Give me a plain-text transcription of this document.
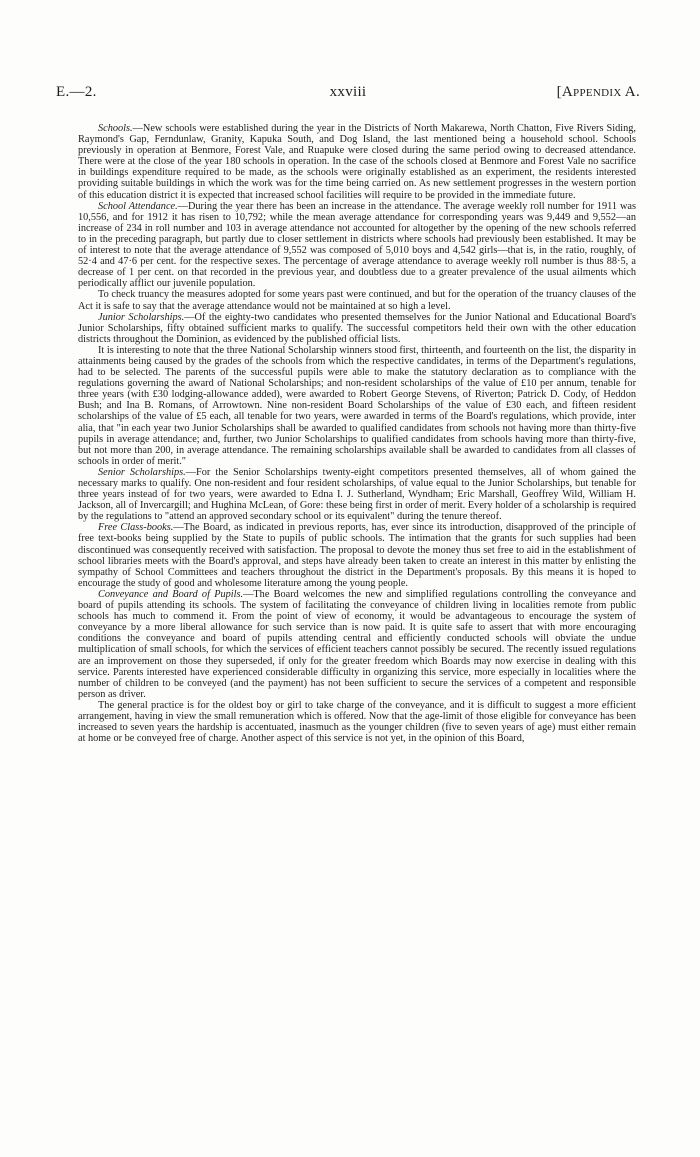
E.—2.	xxviii	[Appendix A.

Schools.—New schools were established during the year in the Districts of North Makarewa, North Chatton, Five Rivers Siding, Raymond's Gap, Ferndunlaw, Granity, Kapuka South, and Dog Island, the last mentioned being a household school. Schools previously in operation at Benmore, Forest Vale, and Ruapuke were closed during the same period owing to decreased attendance. There were at the close of the year 180 schools in operation. In the case of the schools closed at Benmore and Forest Vale no sacrifice in buildings expenditure required to be made, as the schools were originally established as an experiment, the residents interested providing suitable buildings in which the work was for the time being carried on. As new settlement progresses in the western portion of this education district it is expected that increased school facilities will require to be provided in the immediate future.

School Attendance.—During the year there has been an increase in the attendance. The average weekly roll number for 1911 was 10,556, and for 1912 it has risen to 10,792; while the mean average attendance for corresponding years was 9,449 and 9,552—an increase of 234 in roll number and 103 in average attendance not accounted for altogether by the opening of the new schools referred to in the preceding paragraph, but partly due to closer settlement in districts where schools had previously been established. It may be of interest to note that the average attendance of 9,552 was composed of 5,010 boys and 4,542 girls—that is, in the ratio, roughly, of 52·4 and 47·6 per cent. for the respective sexes. The percentage of average attendance to average weekly roll number is thus 88·5, a decrease of 1 per cent. on that recorded in the previous year, and doubtless due to a greater prevalence of the usual ailments which periodically afflict our juvenile population.

To check truancy the measures adopted for some years past were continued, and but for the operation of the truancy clauses of the Act it is safe to say that the average attendance would not be maintained at so high a level.

Junior Scholarships.—Of the eighty-two candidates who presented themselves for the Junior National and Educational Board's Junior Scholarships, fifty obtained sufficient marks to qualify. The successful competitors held their own with the other education districts throughout the Dominion, as evidenced by the published official lists.

It is interesting to note that the three National Scholarship winners stood first, thirteenth, and fourteenth on the list, the disparity in attainments being caused by the grades of the schools from which the respective candidates, in terms of the Department's regulations, had to be selected. The parents of the successful pupils were able to make the statutory declaration as to compliance with the regulations governing the award of National Scholarships; and non-resident scholarships of the value of £10 per annum, tenable for three years (with £30 lodging-allowance added), were awarded to Robert George Stevens, of Riverton; Patrick D. Cody, of Heddon Bush; and Ina B. Romans, of Arrowtown. Nine non-resident Board Scholarships of the value of £30 each, and fifteen resident scholarships of the value of £5 each, all tenable for two years, were awarded in terms of the Board's regulations, which provide, inter alia, that "in each year two Junior Scholarships shall be awarded to qualified candidates from schools not having more than thirty-five pupils in average attendance; and, further, two Junior Scholarships to qualified candidates from schools having more than thirty-five, but not more than 200, in average attendance. The remaining scholarships available shall be awarded to candidates from all classes of schools in order of merit."

Senior Scholarships.—For the Senior Scholarships twenty-eight competitors presented themselves, all of whom gained the necessary marks to qualify. One non-resident and four resident scholarships, of value equal to the Junior Scholarships, but tenable for three years instead of for two years, were awarded to Edna I. J. Sutherland, Wyndham; Eric Marshall, Geoffrey Wild, William H. Jackson, all of Invercargill; and Hughina McLean, of Gore: these being first in order of merit. Every holder of a scholarship is required by the regulations to "attend an approved secondary school or its equivalent" during the tenure thereof.

Free Class-books.—The Board, as indicated in previous reports, has, ever since its introduction, disapproved of the principle of free text-books being supplied by the State to pupils of public schools. The intimation that the grants for such supplies had been discontinued was consequently received with satisfaction. The proposal to devote the money thus set free to aid in the establishment of school libraries meets with the Board's approval, and steps have already been taken to create an interest in this matter by enlisting the sympathy of School Committees and teachers throughout the district in the Department's proposals. By this means it is hoped to encourage the study of good and wholesome literature among the young people.

Conveyance and Board of Pupils.—The Board welcomes the new and simplified regulations controlling the conveyance and board of pupils attending its schools. The system of facilitating the conveyance of children living in localities remote from public schools has much to commend it. From the point of view of economy, it would be advantageous to encourage the system of conveyance by a more liberal allowance for such service than is now paid. It is quite safe to assert that with more encouraging conditions the conveyance and board of pupils attending central and efficiently conducted schools will obviate the undue multiplication of small schools, for which the services of efficient teachers cannot possibly be secured. The recently issued regulations are an improvement on those they superseded, if only for the greater freedom which Boards may now exercise in dealing with this service. Parents interested have experienced considerable difficulty in organizing this service, more especially in localities where the number of children to be conveyed (and the payment) has not been sufficient to secure the services of a competent and responsible person as driver.

The general practice is for the oldest boy or girl to take charge of the conveyance, and it is difficult to suggest a more efficient arrangement, having in view the small remuneration which is offered. Now that the age-limit of those eligible for conveyance has been increased to seven years the hardship is accentuated, inasmuch as the younger children (five to seven years of age) must either remain at home or be conveyed free of charge. Another aspect of this service is not yet, in the opinion of this Board,
